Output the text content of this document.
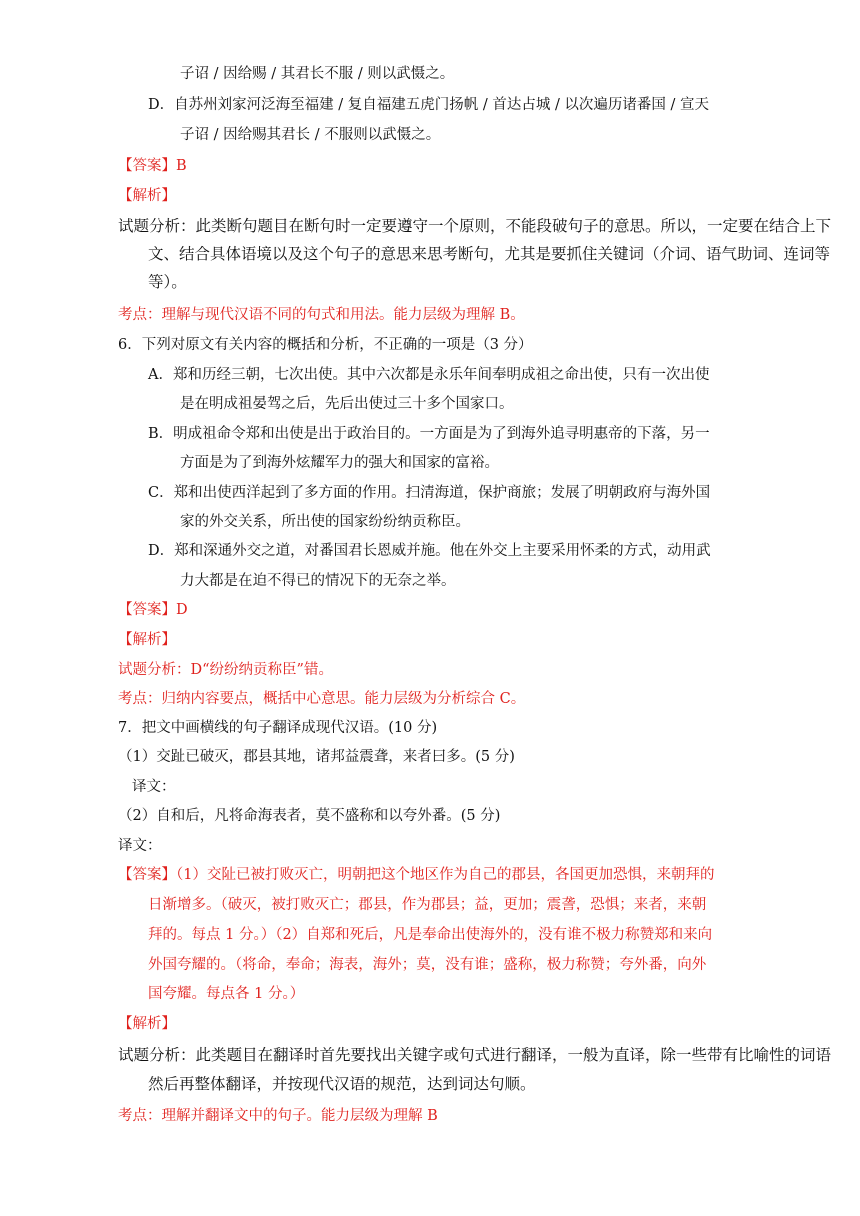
子诏 / 因给赐 / 其君长不服 / 则以武慑之。
D．自苏州刘家河泛海至福建 / 复自福建五虎门扬帆 / 首达占城 / 以次遍历诸番国 / 宣天
子诏 / 因给赐其君长 / 不服则以武慑之。
【答案】B
【解析】
试题分析：此类断句题目在断句时一定要遵守一个原则，不能段破句子的意思。所以，一定要在结合上下
文、结合具体语境以及这个句子的意思来思考断句，尤其是要抓住关键词（介词、语气助词、连词等
等）。
考点：理解与现代汉语不同的句式和用法。能力层级为理解 B。
6．下列对原文有关内容的概括和分析，不正确的一项是（3 分）
A．郑和历经三朝，七次出使。其中六次都是永乐年间奉明成祖之命出使，只有一次出使
是在明成祖晏驾之后，先后出使过三十多个国家口。
B．明成祖命令郑和出使是出于政治目的。一方面是为了到海外追寻明惠帝的下落，另一
方面是为了到海外炫耀军力的强大和国家的富裕。
C．郑和出使西洋起到了多方面的作用。扫清海道，保护商旅；发展了明朝政府与海外国
家的外交关系，所出使的国家纷纷纳贡称臣。
D．郑和深通外交之道，对番国君长恩威并施。他在外交上主要采用怀柔的方式，动用武
力大都是在迫不得已的情况下的无奈之举。
【答案】D
【解析】
试题分析：D“纷纷纳贡称臣”错。
考点：归纳内容要点，概括中心意思。能力层级为分析综合 C。
7．把文中画横线的句子翻译成现代汉语。(10 分)
（1）交趾已破灭，郡县其地，诸邦益震聋，来者曰多。(5 分)
译文：
（2）自和后，凡将命海表者，莫不盛称和以夸外番。(5 分)
译文：
【答案】（1）交阯已被打败灭亡，明朝把这个地区作为自己的郡县，各国更加恐惧，来朝拜的
日渐增多。（破灭，被打败灭亡；郡县，作为郡县；益，更加；震詟，恐惧；来者，来朝
拜的。每点 1 分。）（2）自郑和死后，凡是奉命出使海外的，没有谁不极力称赞郑和来向
外国夸耀的。（将命，奉命；海表，海外；莫，没有谁；盛称，极力称赞；夸外番，向外
国夸耀。每点各 1 分。）
【解析】
试题分析：此类题目在翻译时首先要找出关键字或句式进行翻译，一般为直译，除一些带有比喻性的词语
然后再整体翻译，并按现代汉语的规范，达到词达句顺。
考点：理解并翻译文中的句子。能力层级为理解 B
